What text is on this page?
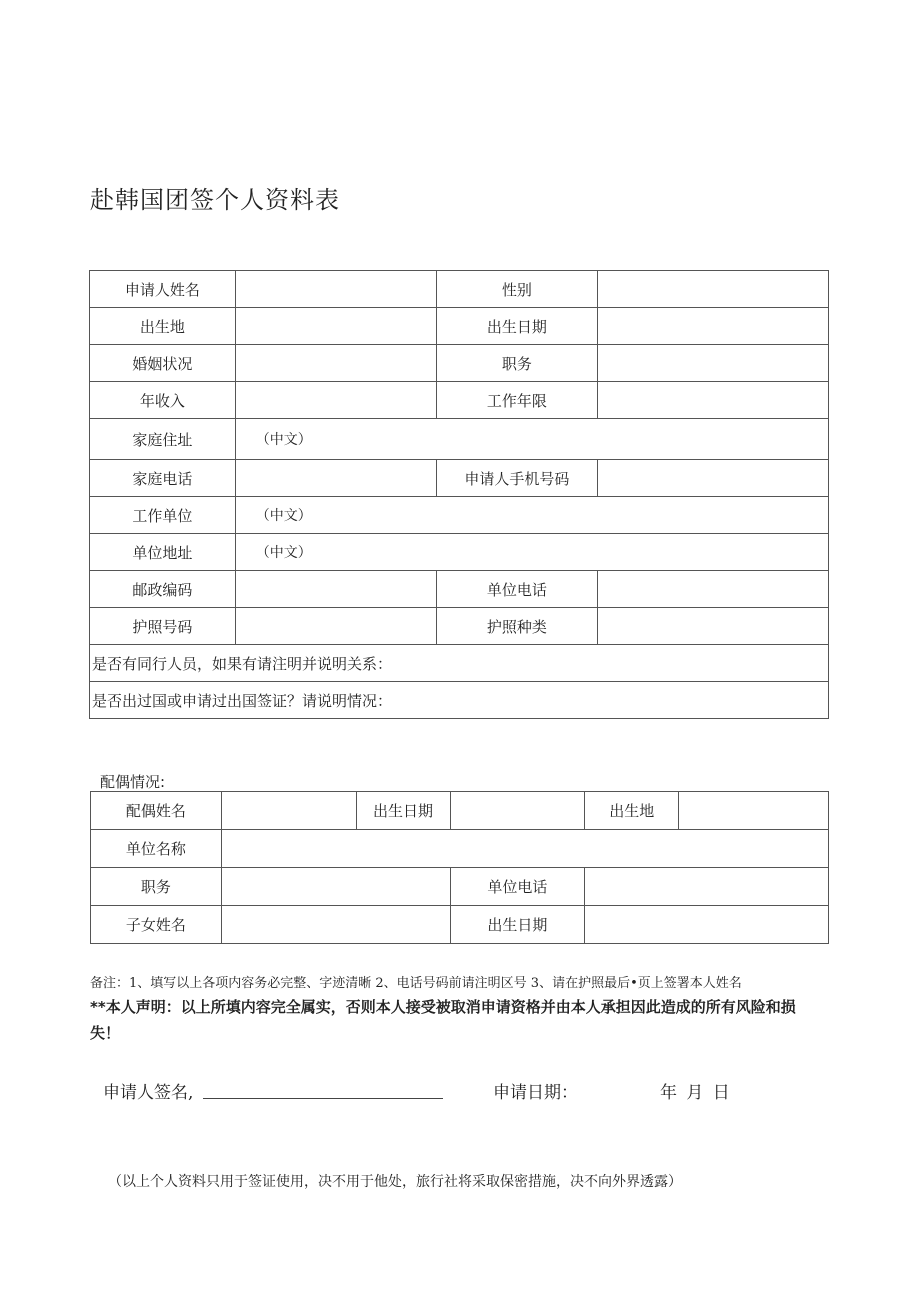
赴韩国团签个人资料表
申请人姓名		性别	
出生地		出生日期	
婚姻状况		职务	
年收入		工作年限	
家庭住址	（中文）		
家庭电话		申请人手机号码	
工作单位	（中文）		
单位地址	（中文）		
邮政编码		单位电话	
护照号码		护照种类	
是否有同行人员，如果有请注明并说明关系：			
是否出过国或申请过出国签证？请说明情况：			
配偶情况:
配偶姓名		出生日期		出生地	
单位名称					
职务			单位电话		
子女姓名			出生日期		
备注：1、填写以上各项内容务必完整、字迹清晰 2、电话号码前请注明区号 3、请在护照最后•页上签署本人姓名
**本人声明：以上所填内容完全属实，否则本人接受被取消申请资格并由本人承担因此造成的所有风险和损失！
申请人签名,	申请日期：	年 月 日
（以上个人资料只用于签证使用，决不用于他处，旅行社将采取保密措施，决不向外界透露）
